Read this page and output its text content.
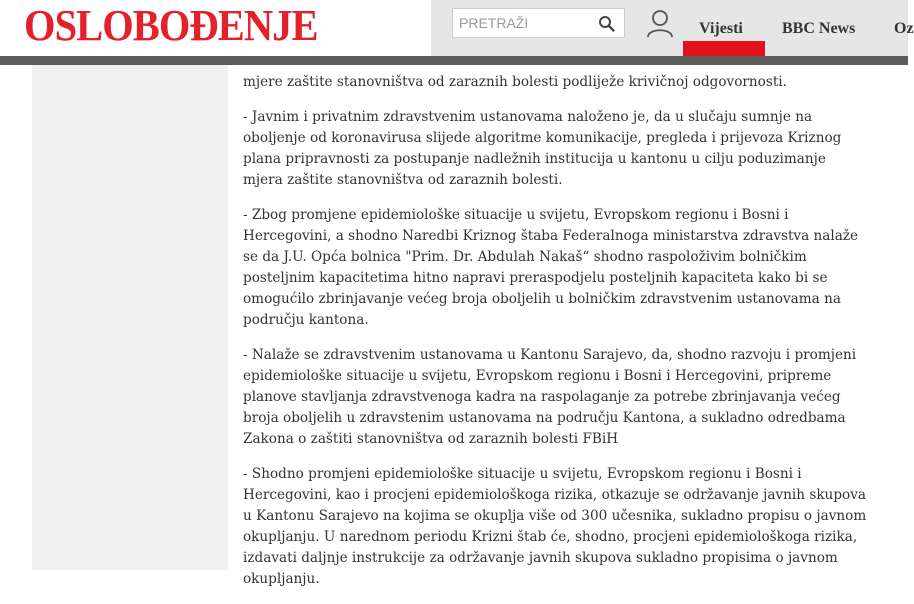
mjere zaštite stanovništva od zaraznih bolesti podliježe krivičnoj odgovornosti.

- Javnim i privatnim zdravstvenim ustanovama naloženo je, da u slučaju sumnje na oboljenje od koronavirusa slijede algoritme komunikacije, pregleda i prijevoza Kriznog plana pripravnosti za postupanje nadležnih institucija u kantonu u cilju poduzimanje mjera zaštite stanovništva od zaraznih bolesti.

- Zbog promjene epidemiološke situacije u svijetu, Evropskom regionu i Bosni i Hercegovini, a shodno Naredbi Kriznog štaba Federalnoga ministarstva zdravstva nalaže se da J.U. Opća bolnica "Prim. Dr. Abdulah Nakaš“ shodno raspoloživim bolničkim posteljnim kapacitetima hitno napravi preraspodjelu posteljnih kapaciteta kako bi se omogućilo zbrinjavanje većeg broja oboljelih u bolničkim zdravstvenim ustanovama na području kantona.

- Nalaže se zdravstvenim ustanovama u Kantonu Sarajevo, da, shodno razvoju i promjeni epidemiološke situacije u svijetu, Evropskom regionu i Bosni i Hercegovini, pripreme planove stavljanja zdravstvenoga kadra na raspolaganje za potrebe zbrinjavanja većeg broja oboljelih u zdravstenim ustanovama na području Kantona, a sukladno odredbama Zakona o zaštiti stanovništva od zaraznih bolesti FBiH

- Shodno promjeni epidemiološke situacije u svijetu, Evropskom regionu i Bosni i Hercegovini, kao i procjeni epidemiološkoga rizika, otkazuje se održavanje javnih skupova u Kantonu Sarajevo na kojima se okuplja više od 300 učesnika, sukladno propisu o javnom okupljanju. U narednom periodu Krizni štab će, shodno, procjeni epidemiološkoga rizika, izdavati daljnje instrukcije za održavanje javnih skupova sukladno propisima o javnom okupljanju.

OSLOBOĐENJE
PRETRAŽI	Vijesti BBC News Oz
